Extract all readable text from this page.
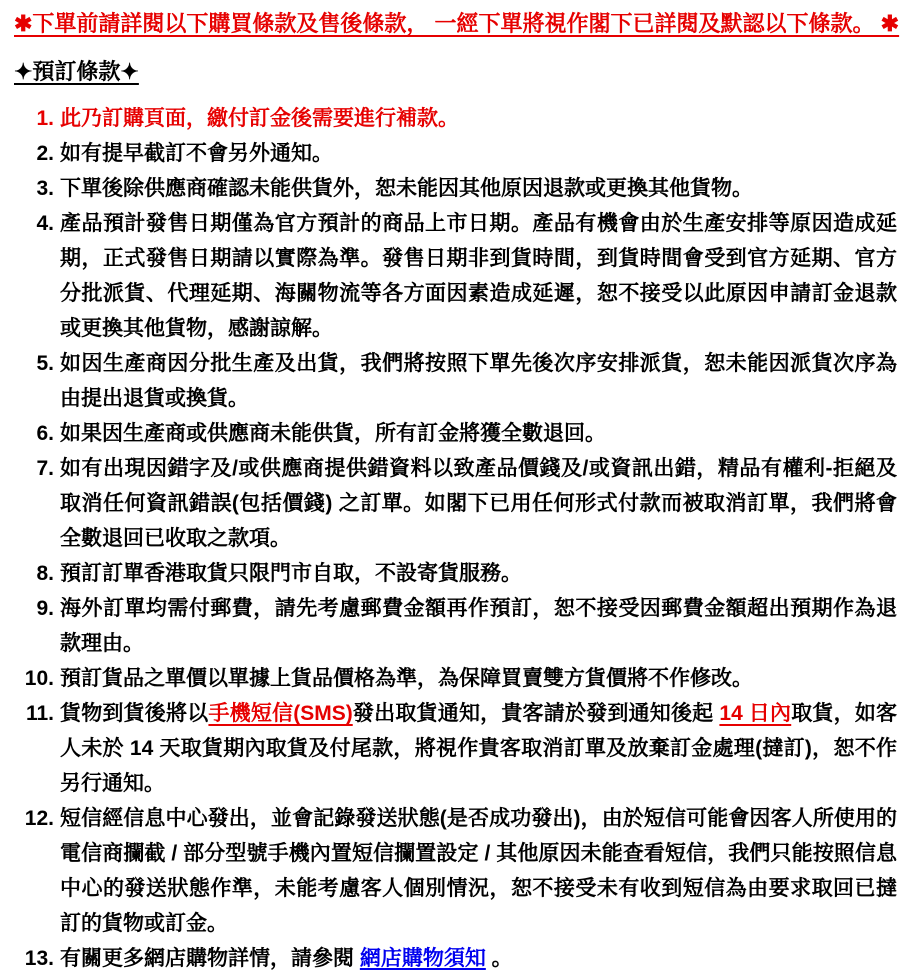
✱下單前請詳閱以下購買條款及售後條款， 一經下單將視作閣下已詳閱及默認以下條款。 ✱
✦預訂條款✦
1. 此乃訂購頁面，繳付訂金後需要進行補款。
2. 如有提早截訂不會另外通知。
3. 下單後除供應商確認未能供貨外，恕未能因其他原因退款或更換其他貨物。
4. 產品預計發售日期僅為官方預計的商品上市日期。產品有機會由於生產安排等原因造成延期，正式發售日期請以實際為準。發售日期非到貨時間，到貨時間會受到官方延期、官方分批派貨、代理延期、海關物流等各方面因素造成延遲，恕不接受以此原因申請訂金退款或更換其他貨物，感謝諒解。
5. 如因生產商因分批生產及出貨，我們將按照下單先後次序安排派貨，恕未能因派貨次序為由提出退貨或換貨。
6. 如果因生產商或供應商未能供貨，所有訂金將獲全數退回。
7. 如有出現因錯字及/或供應商提供錯資料以致產品價錢及/或資訊出錯，精品有權利-拒絕及取消任何資訊錯誤(包括價錢) 之訂單。如閣下已用任何形式付款而被取消訂單，我們將會全數退回已收取之款項。
8. 預訂訂單香港取貨只限門市自取，不設寄貨服務。
9. 海外訂單均需付郵費，請先考慮郵費金額再作預訂，恕不接受因郵費金額超出預期作為退款理由。
10. 預訂貨品之單價以單據上貨品價格為準，為保障買賣雙方貨價將不作修改。
11. 貨物到貨後將以手機短信(SMS)發出取貨通知，貴客請於發到通知後起 14 日內取貨，如客人未於 14 天取貨期內取貨及付尾款，將視作貴客取消訂單及放棄訂金處理(撻訂)，恕不作另行通知。
12. 短信經信息中心發出，並會記錄發送狀態(是否成功發出)，由於短信可能會因客人所使用的電信商攔截 / 部分型號手機內置短信攔置設定 / 其他原因未能查看短信，我們只能按照信息中心的發送狀態作準，未能考慮客人個別情況，恕不接受未有收到短信為由要求取回已撻訂的貨物或訂金。
13. 有關更多網店購物詳情，請參閱 網店購物須知 。
